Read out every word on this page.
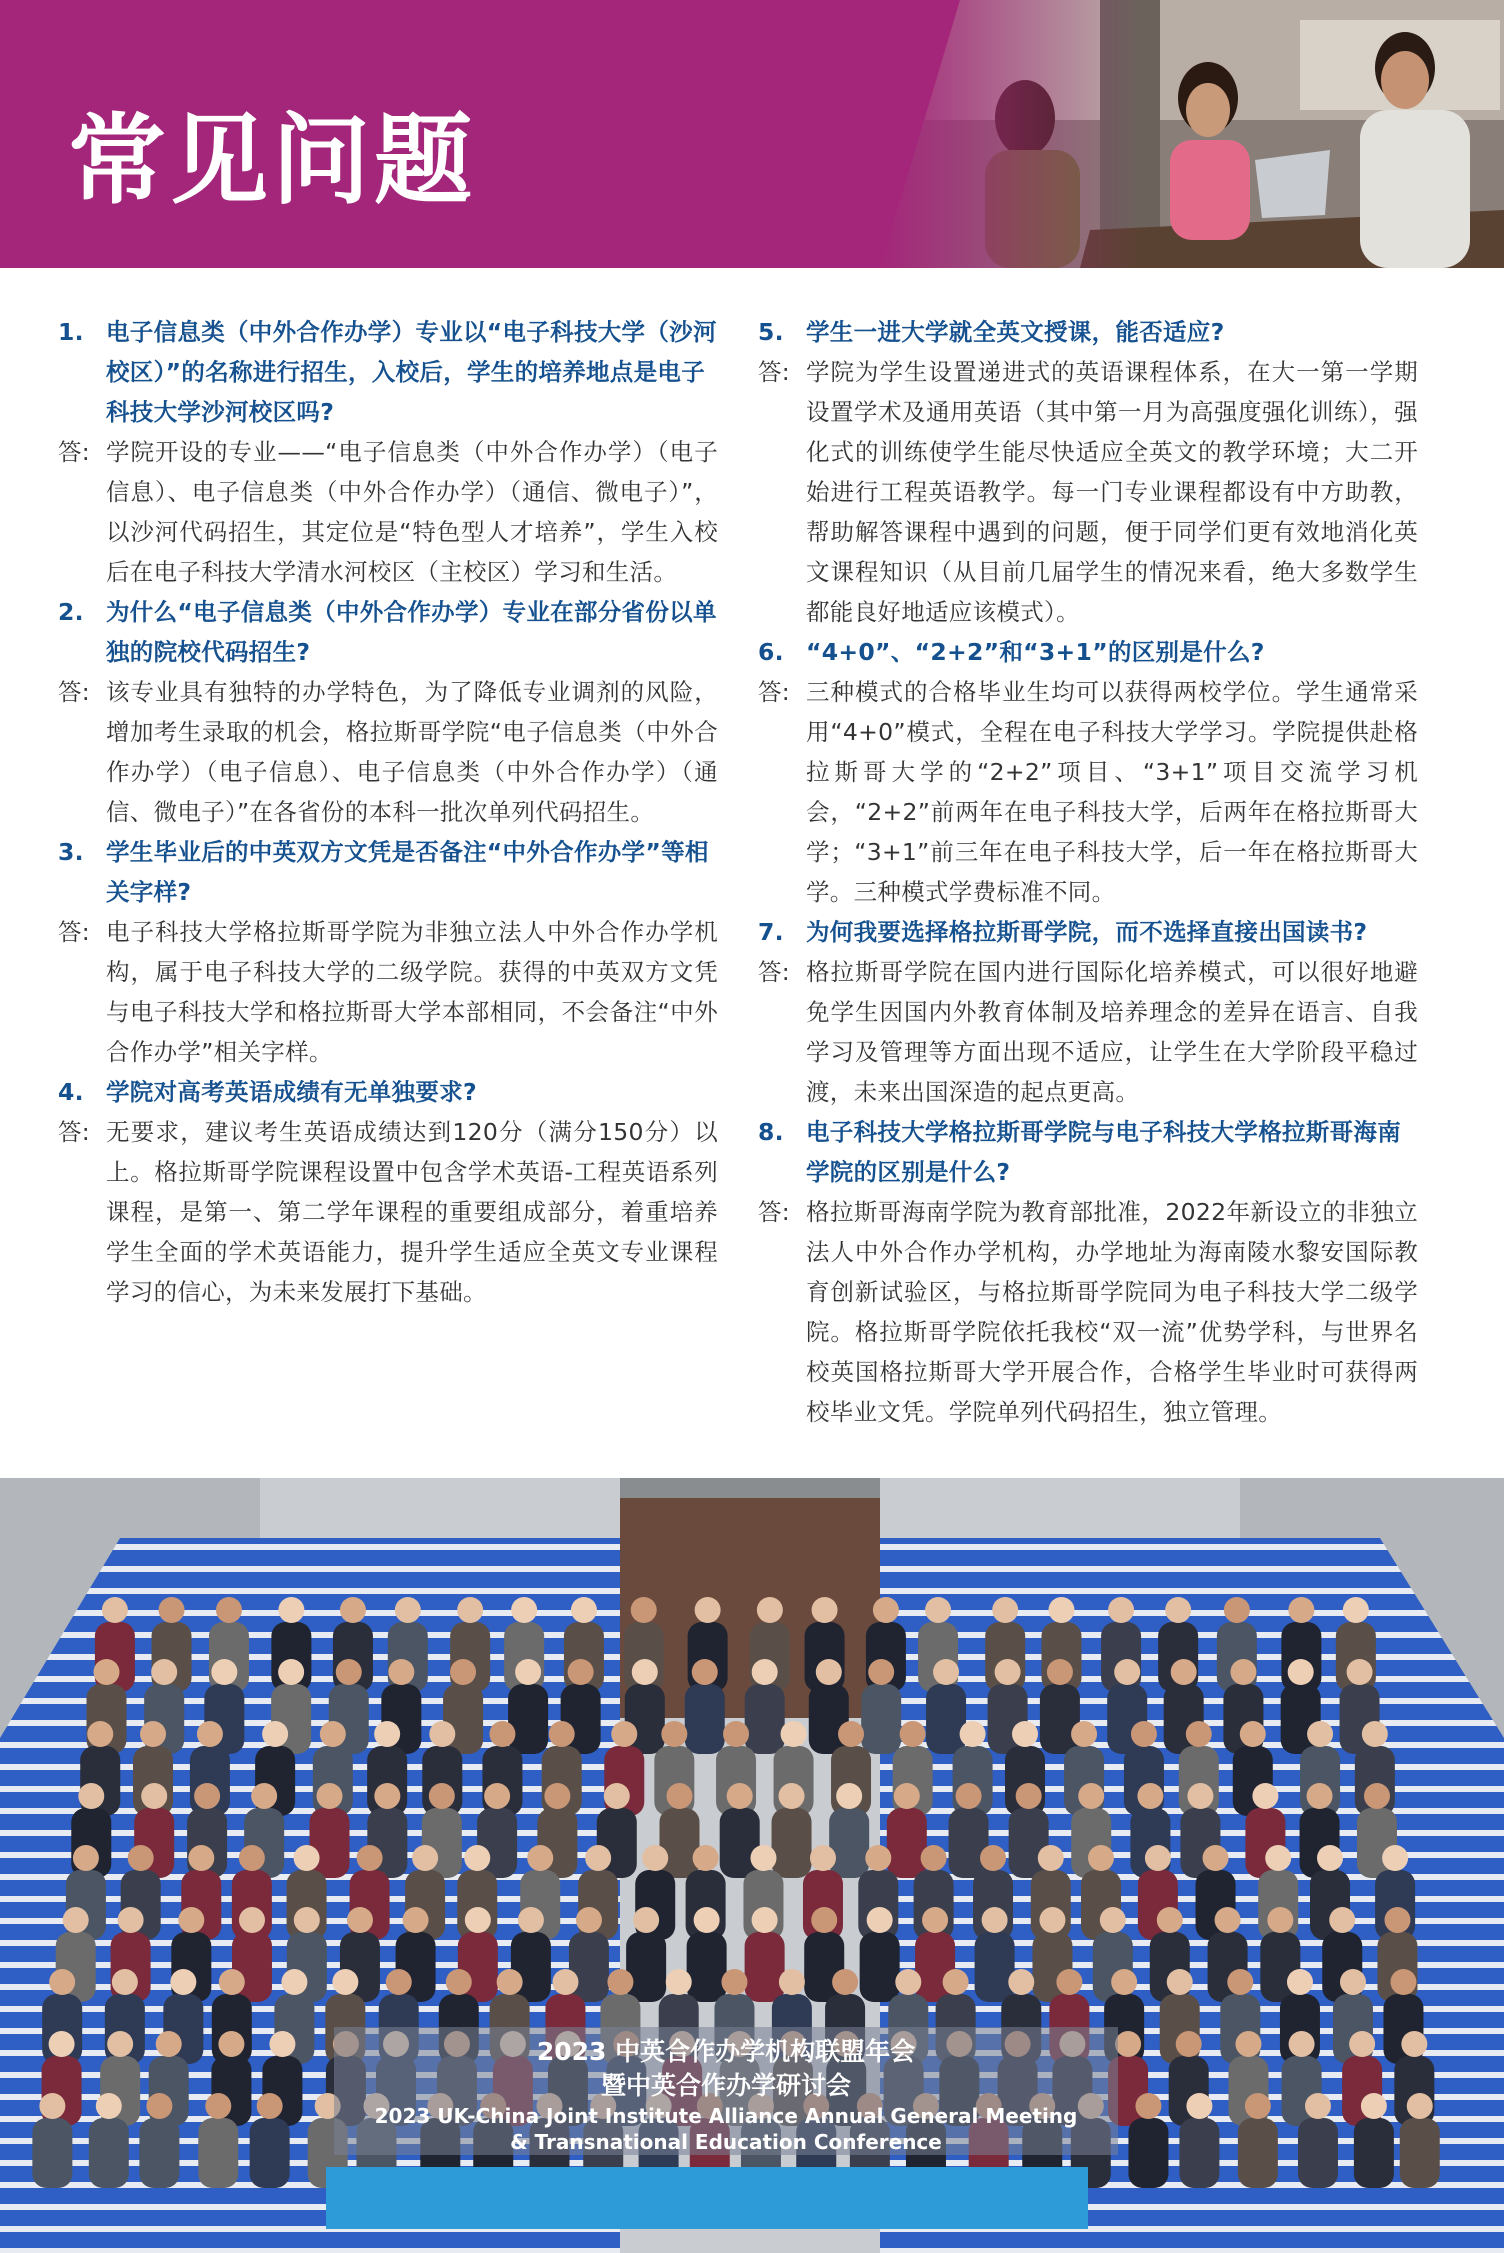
常见问题
1. 电子信息类（中外合作办学）专业以“电子科技大学（沙河校区）”的名称进行招生，入校后，学生的培养地点是电子科技大学沙河校区吗?
答: 学院开设的专业——“电子信息类（中外合作办学）（电子信息）、电子信息类（中外合作办学）（通信、微电子）”，以沙河代码招生，其定位是“特色型人才培养”，学生入校后在电子科技大学清水河校区（主校区）学习和生活。
2. 为什么“电子信息类（中外合作办学）专业在部分省份以单独的院校代码招生?
答: 该专业具有独特的办学特色，为了降低专业调剂的风险，增加考生录取的机会，格拉斯哥学院“电子信息类（中外合作办学）（电子信息）、电子信息类（中外合作办学）（通信、微电子）”在各省份的本科一批次单列代码招生。
3. 学生毕业后的中英双方文凭是否备注“中外合作办学”等相关字样?
答: 电子科技大学格拉斯哥学院为非独立法人中外合作办学机构，属于电子科技大学的二级学院。获得的中英双方文凭与电子科技大学和格拉斯哥大学本部相同，不会备注“中外合作办学”相关字样。
4. 学院对高考英语成绩有无单独要求?
答: 无要求，建议考生英语成绩达到120分（满分150分）以上。格拉斯哥学院课程设置中包含学术英语-工程英语系列课程，是第一、第二学年课程的重要组成部分，着重培养学生全面的学术英语能力，提升学生适应全英文专业课程学习的信心，为未来发展打下基础。
5. 学生一进大学就全英文授课，能否适应?
答: 学院为学生设置递进式的英语课程体系，在大一第一学期设置学术及通用英语（其中第一月为高强度强化训练），强化式的训练使学生能尽快适应全英文的教学环境；大二开始进行工程英语教学。每一门专业课程都设有中方助教，帮助解答课程中遇到的问题，便于同学们更有效地消化英文课程知识（从目前几届学生的情况来看，绝大多数学生都能良好地适应该模式）。
6. “4+0”、“2+2”和“3+1”的区别是什么?
答: 三种模式的合格毕业生均可以获得两校学位。学生通常采用“4+0”模式，全程在电子科技大学学习。学院提供赴格拉斯哥大学的“2+2”项目、“3+1”项目交流学习机会，“2+2”前两年在电子科技大学，后两年在格拉斯哥大学；“3+1”前三年在电子科技大学，后一年在格拉斯哥大学。三种模式学费标准不同。
7. 为何我要选择格拉斯哥学院，而不选择直接出国读书?
答: 格拉斯哥学院在国内进行国际化培养模式，可以很好地避免学生因国内外教育体制及培养理念的差异在语言、自我学习及管理等方面出现不适应，让学生在大学阶段平稳过渡，未来出国深造的起点更高。
8. 电子科技大学格拉斯哥学院与电子科技大学格拉斯哥海南学院的区别是什么?
答: 格拉斯哥海南学院为教育部批准，2022年新设立的非独立法人中外合作办学机构，办学地址为海南陵水黎安国际教育创新试验区，与格拉斯哥学院同为电子科技大学二级学院。格拉斯哥学院依托我校“双一流”优势学科，与世界名校英国格拉斯哥大学开展合作，合格学生毕业时可获得两校毕业文凭。学院单列代码招生，独立管理。
2023 中英合作办学机构联盟年会
暨中英合作办学研讨会
2023 UK-China Joint Institute Alliance Annual General Meeting
& Transnational Education Conference
